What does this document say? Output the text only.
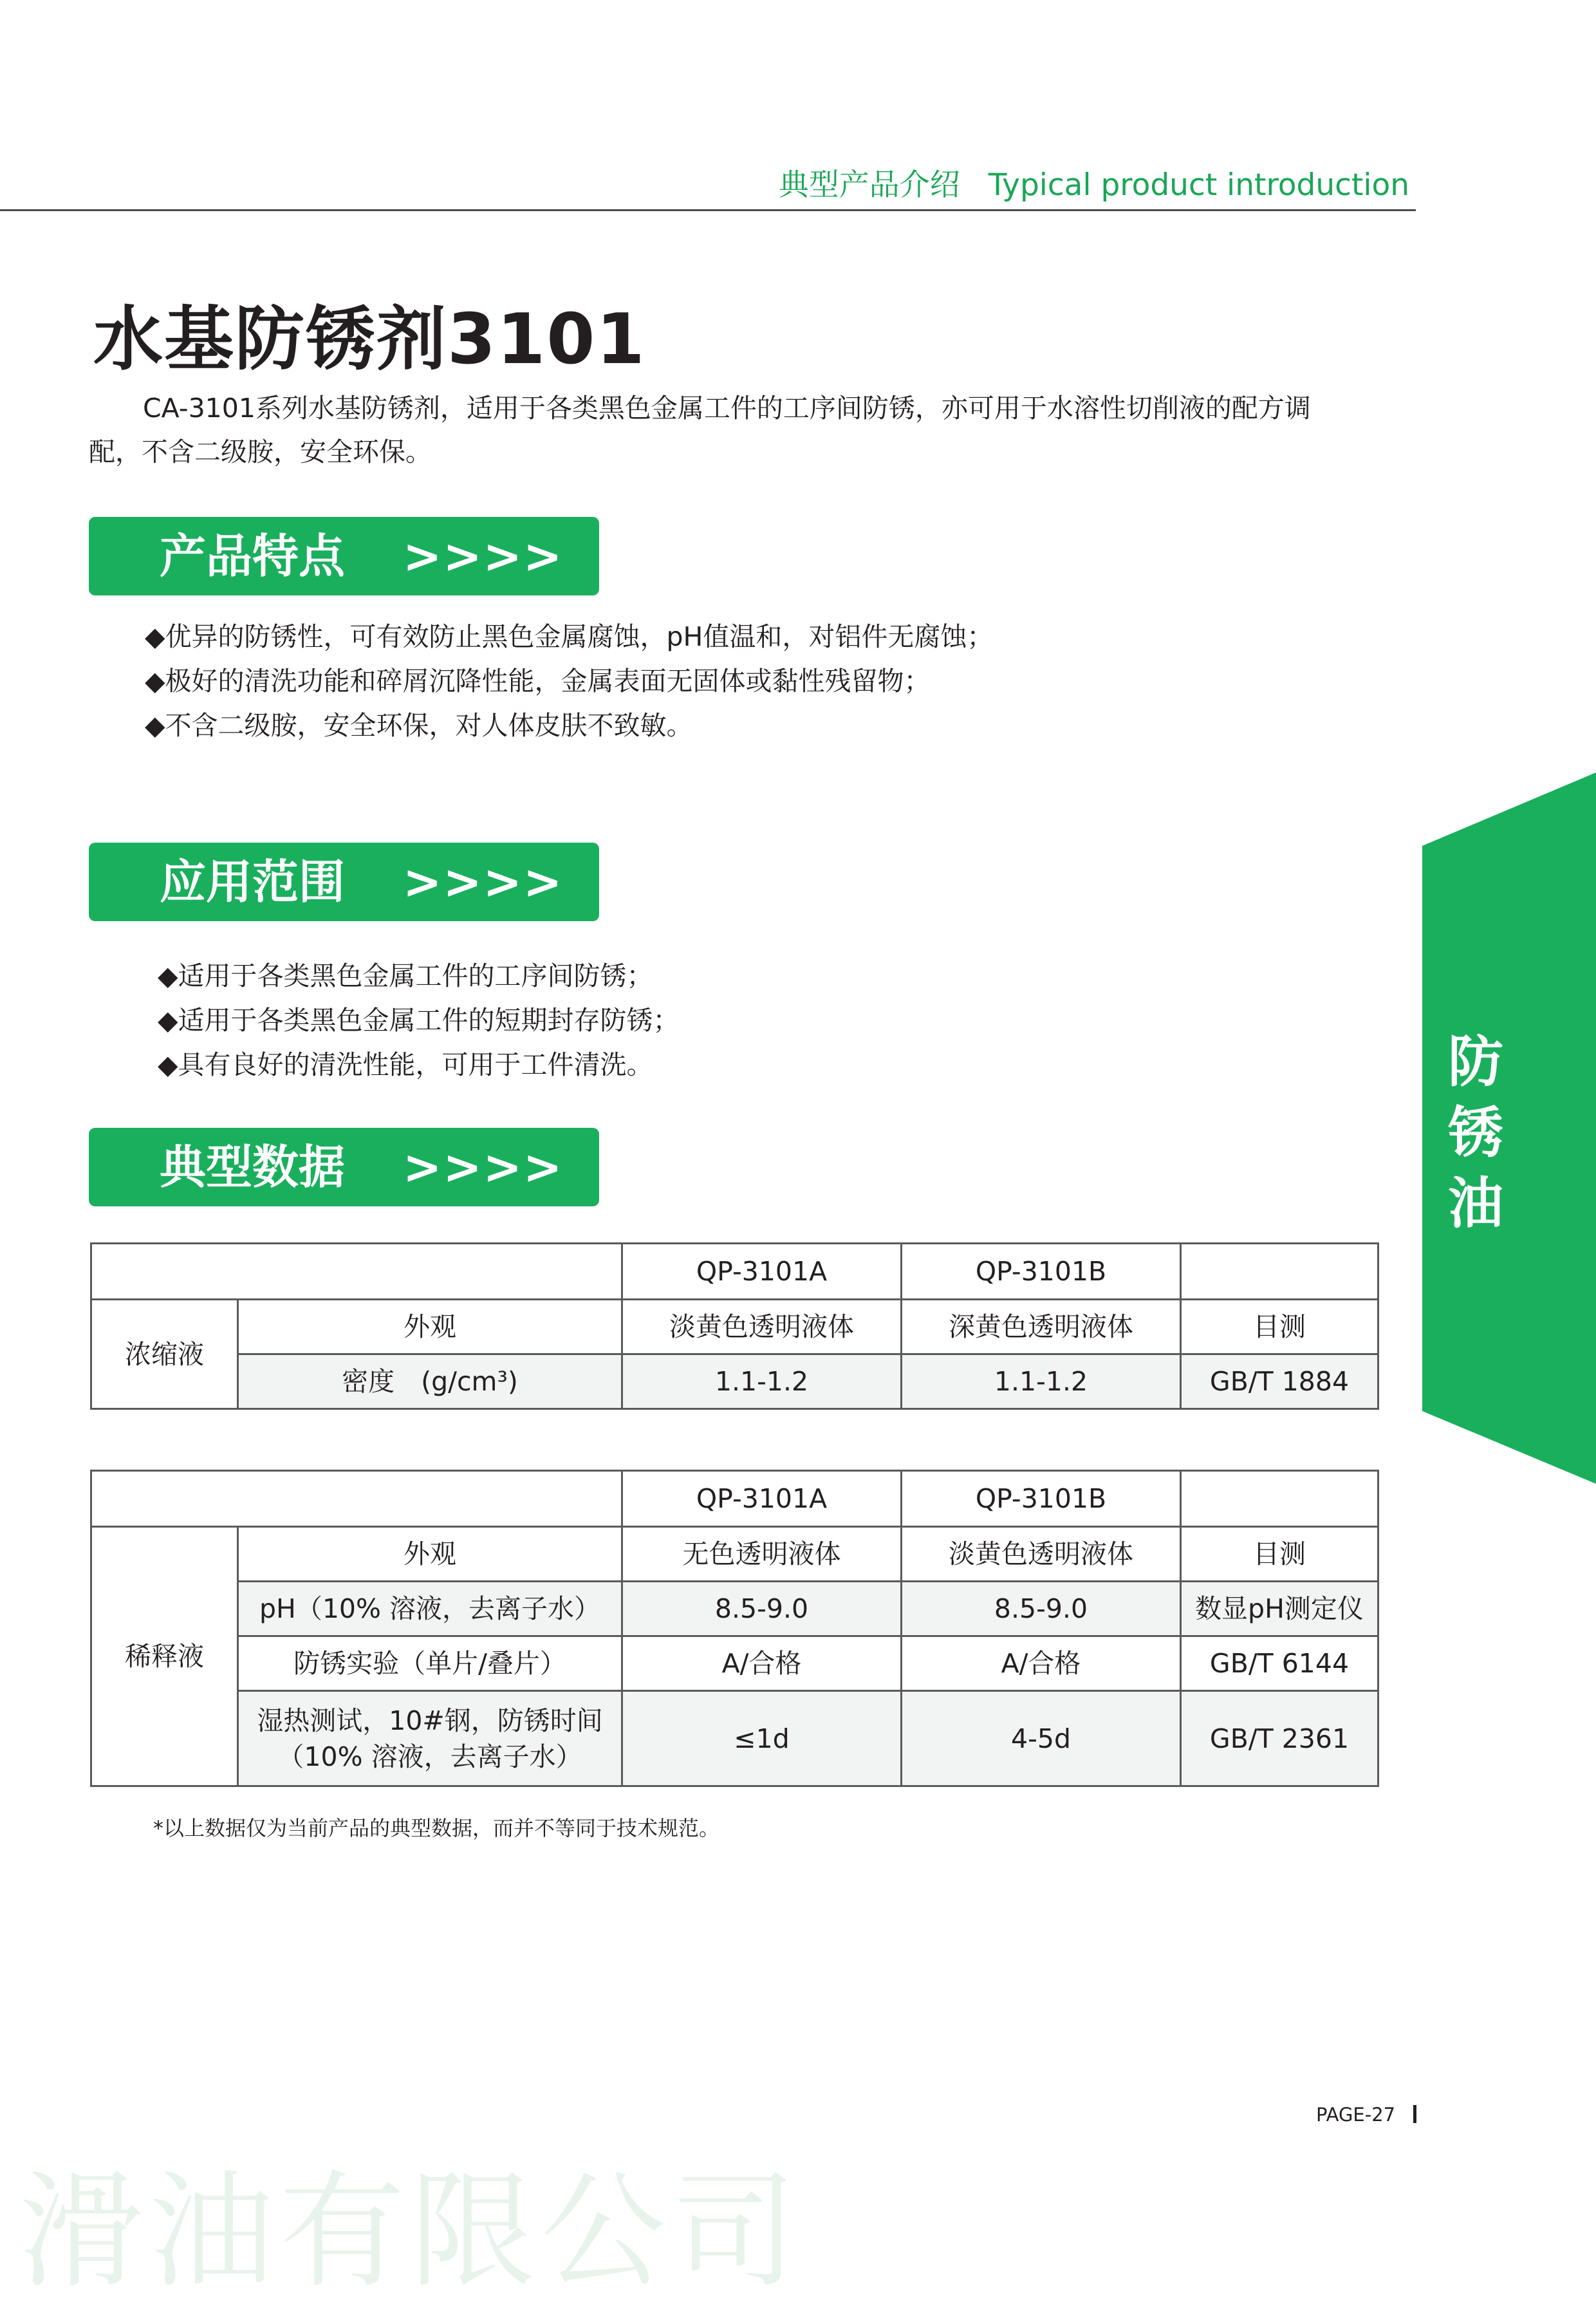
典型产品介绍 Typical product introduction
水基防锈剂3101
CA-3101系列水基防锈剂，适用于各类黑色金属工件的工序间防锈，亦可用于水溶性切削液的配方调
配，不含二级胺，安全环保。
产品特点 >>>>
◆优异的防锈性，可有效防止黑色金属腐蚀，pH值温和，对铝件无腐蚀；
◆极好的清洗功能和碎屑沉降性能，金属表面无固体或黏性残留物；
◆不含二级胺，安全环保，对人体皮肤不致敏。
应用范围 >>>>
◆适用于各类黑色金属工件的工序间防锈；
◆适用于各类黑色金属工件的短期封存防锈；
◆具有良好的清洗性能，可用于工件清洗。
典型数据 >>>>
防
锈
油
		QP-3101A	QP-3101B	
浓缩液	外观	淡黄色透明液体	深黄色透明液体	目测
	密度　(g/cm³)	1.1-1.2	1.1-1.2	GB/T 1884
		QP-3101A	QP-3101B	
稀释液	外观	无色透明液体	淡黄色透明液体	目测
	pH（10% 溶液，去离子水）	8.5-9.0	8.5-9.0	数显pH测定仪
	防锈实验（单片/叠片）	A/合格	A/合格	GB/T 6144

	湿热测试，10#钢，防锈时间
（10% 溶液，去离子水）	≤1d	4-5d	GB/T 2361
*以上数据仅为当前产品的典型数据，而并不等同于技术规范。
PAGE-27
滑油有限公司
